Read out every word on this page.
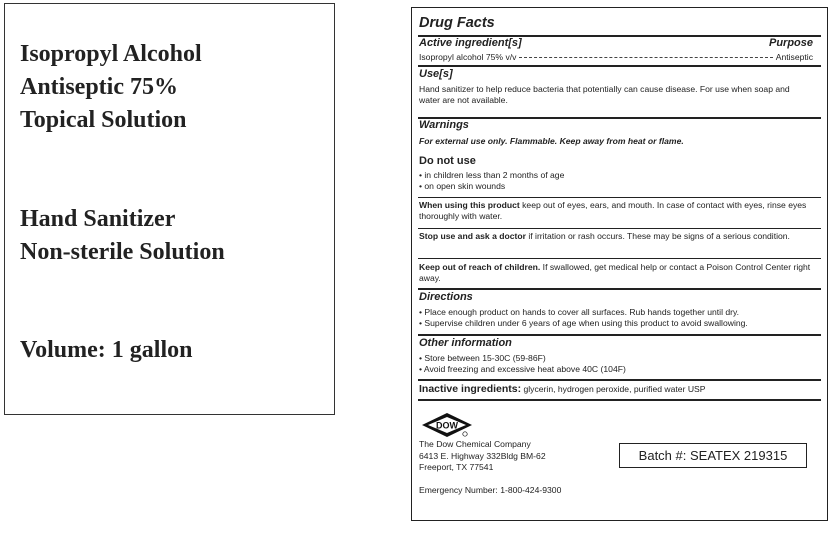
Isopropyl Alcohol
Antiseptic 75%
Topical Solution
Hand Sanitizer
Non-sterile Solution
Volume: 1 gallon
Drug Facts
Active ingredient[s]	Purpose
Isopropyl alcohol 75% v/v	Antiseptic
Use[s]
Hand sanitizer to help reduce bacteria that potentially can cause disease. For use when soap and water are not available.
Warnings
For external use only. Flammable. Keep away from heat or flame.
Do not use
• in children less than 2 months of age
• on open skin wounds
When using this product keep out of eyes, ears, and mouth. In case of contact with eyes, rinse eyes thoroughly with water.
Stop use and ask a doctor if irritation or rash occurs. These may be signs of a serious condition.
Keep out of reach of children. If swallowed, get medical help or contact a Poison Control Center right away.
Directions
• Place enough product on hands to cover all surfaces. Rub hands together until dry.
• Supervise children under 6 years of age when using this product to avoid swallowing.
Other information
• Store between 15-30C (59-86F)
• Avoid freezing and excessive heat above 40C (104F)
Inactive ingredients: glycerin, hydrogen peroxide, purified water USP
DOW
The Dow Chemical Company
6413 E. Highway 332Bldg BM-62
Freeport, TX 77541
Emergency Number: 1-800-424-9300
Batch #: SEATEX 219315
